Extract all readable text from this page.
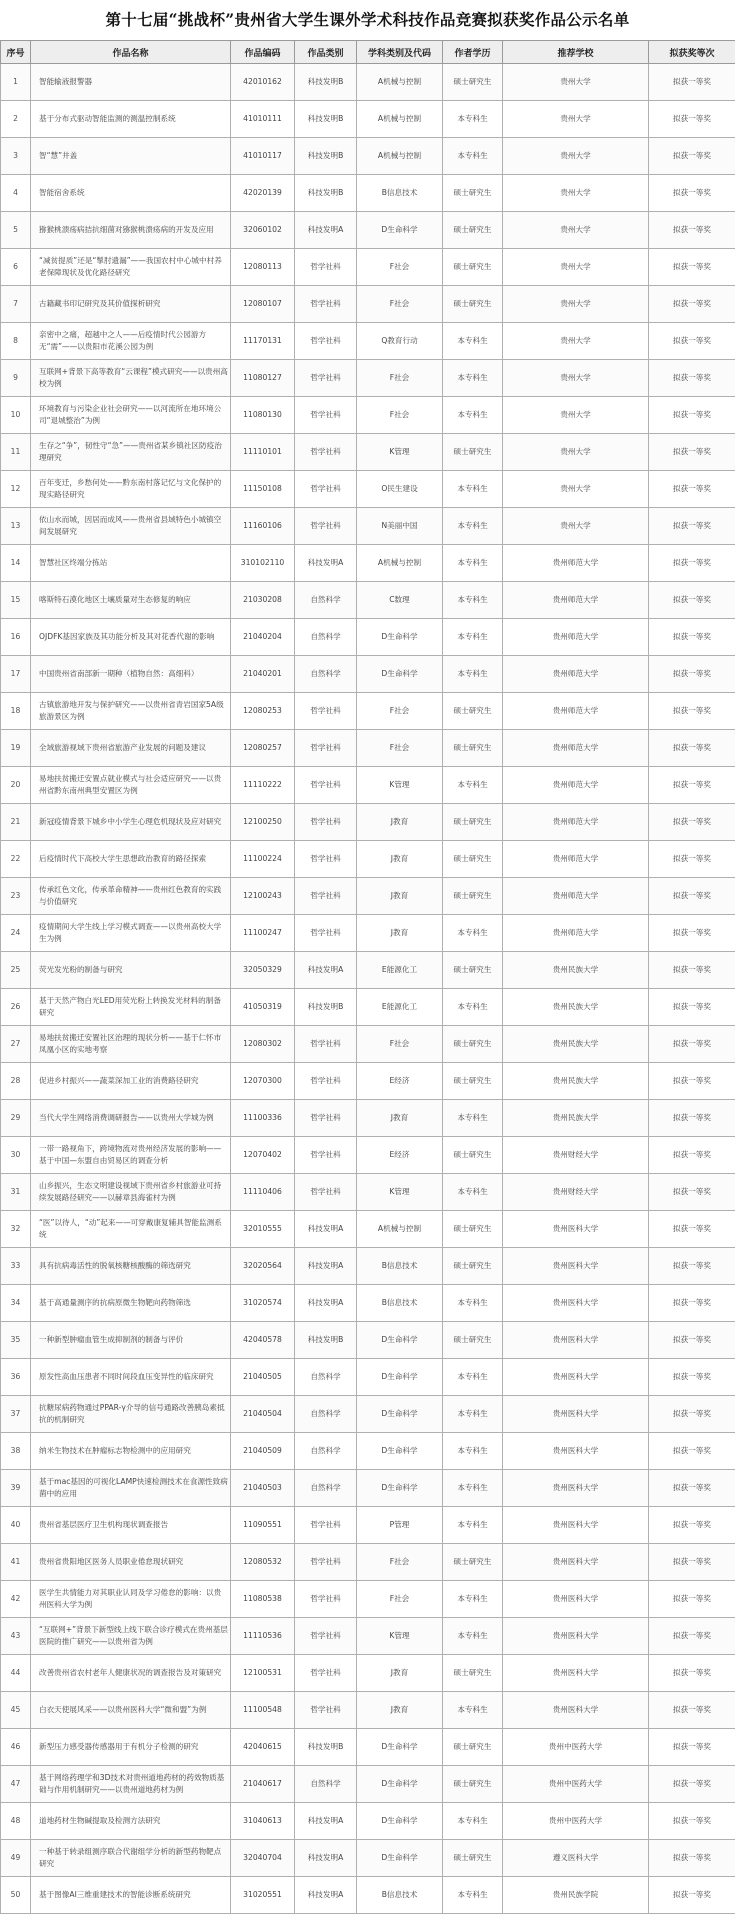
第十七届“挑战杯”贵州省大学生课外学术科技作品竞赛拟获奖作品公示名单
序号	作品名称	作品编码	作品类别	学科类别及代码	作者学历	推荐学校	拟获奖等次
1	智能输液报警器	42010162	科技发明B	A机械与控制	硕士研究生	贵州大学	拟获一等奖
2	基于分布式驱动智能监测的测温控制系统	41010111	科技发明B	A机械与控制	本专科生	贵州大学	拟获一等奖
3	智“慧”井盖	41010117	科技发明B	A机械与控制	本专科生	贵州大学	拟获一等奖
4	智能宿舍系统	42020139	科技发明B	B信息技术	硕士研究生	贵州大学	拟获一等奖
5	猕猴桃溃疡病拮抗细菌对猕猴桃溃疡病的开发及应用	32060102	科技发明A	D生命科学	硕士研究生	贵州大学	拟获一等奖
6	“减贫提质”还是“掣肘遗漏”——我国农村中心城中村养老保障现状及优化路径研究	12080113	哲学社科	F社会	硕士研究生	贵州大学	拟获一等奖
7	古籍藏书印记研究及其价值探析研究	12080107	哲学社科	F社会	硕士研究生	贵州大学	拟获一等奖
8	亲密中之痛，超越中之人——后疫情时代公园游方无“需”——以贵阳市花溪公园为例	11170131	哲学社科	Q教育行动	本专科生	贵州大学	拟获一等奖
9	互联网+背景下高等教育“云课程”模式研究——以贵州高校为例	11080127	哲学社科	F社会	本专科生	贵州大学	拟获一等奖
10	环境教育与污染企业社会研究——以河流所在地环境公司“退城整治”为例	11080130	哲学社科	F社会	本专科生	贵州大学	拟获一等奖
11	生存之“争”，韧性守“急”——贵州省某乡镇社区防疫治理研究	11110101	哲学社科	K管理	硕士研究生	贵州大学	拟获一等奖
12	百年变迁，乡愁何处——黔东南村落记忆与文化保护的现实路径研究	11150108	哲学社科	O民生建设	本专科生	贵州大学	拟获一等奖
13	依山水而城，因居而成风——贵州省县域特色小城镇空间发展研究	11160106	哲学社科	N美丽中国	本专科生	贵州大学	拟获一等奖
14	智慧社区终端分拣站	310102110	科技发明A	A机械与控制	本专科生	贵州师范大学	拟获一等奖
15	喀斯特石漠化地区土壤质量对生态修复的响应	21030208	自然科学	C数理	本专科生	贵州师范大学	拟获一等奖
16	OJDFK基因家族及其功能分析及其对花香代谢的影响	21040204	自然科学	D生命科学	本专科生	贵州师范大学	拟获一等奖
17	中国贵州省南部新一期种（植物自然：高细科）	21040201	自然科学	D生命科学	本专科生	贵州师范大学	拟获一等奖
18	古镇旅游地开发与保护研究——以贵州省青岩国家5A级旅游景区为例	12080253	哲学社科	F社会	硕士研究生	贵州师范大学	拟获一等奖
19	全域旅游视域下贵州省旅游产业发展的问题及建议	12080257	哲学社科	F社会	硕士研究生	贵州师范大学	拟获一等奖
20	易地扶贫搬迁安置点就业模式与社会适应研究——以贵州省黔东南州典型安置区为例	11110222	哲学社科	K管理	本专科生	贵州师范大学	拟获一等奖
21	新冠疫情背景下城乡中小学生心理危机现状及应对研究	12100250	哲学社科	J教育	硕士研究生	贵州师范大学	拟获一等奖
22	后疫情时代下高校大学生思想政治教育的路径探索	11100224	哲学社科	J教育	硕士研究生	贵州师范大学	拟获一等奖
23	传承红色文化，传承革命精神——贵州红色教育的实践与价值研究	12100243	哲学社科	J教育	硕士研究生	贵州师范大学	拟获一等奖
24	疫情期间大学生线上学习模式调查——以贵州高校大学生为例	11100247	哲学社科	J教育	本专科生	贵州师范大学	拟获一等奖
25	荧光发光粉的制备与研究	32050329	科技发明A	E能源化工	硕士研究生	贵州民族大学	拟获一等奖
26	基于天然产物白光LED用荧光粉上转换发光材料的制备研究	41050319	科技发明B	E能源化工	本专科生	贵州民族大学	拟获一等奖
27	易地扶贫搬迁安置社区治理的现状分析——基于仁怀市凤凰小区的实地考察	12080302	哲学社科	F社会	硕士研究生	贵州民族大学	拟获一等奖
28	促进乡村振兴——蔬菜深加工业的消费路径研究	12070300	哲学社科	E经济	硕士研究生	贵州民族大学	拟获一等奖
29	当代大学生网络消费调研报告——以贵州大学城为例	11100336	哲学社科	J教育	本专科生	贵州民族大学	拟获一等奖
30	一带一路视角下，跨境物流对贵州经济发展的影响——基于中国—东盟自由贸易区的调查分析	12070402	哲学社科	E经济	硕士研究生	贵州财经大学	拟获一等奖
31	山乡振兴，生态文明建设视域下贵州省乡村旅游业可持续发展路径研究——以赫章县海雀村为例	11110406	哲学社科	K管理	本专科生	贵州财经大学	拟获一等奖
32	“医”以待人，“动”起来——可穿戴康复辅具智能监测系统	32010555	科技发明A	A机械与控制	硕士研究生	贵州医科大学	拟获一等奖
33	具有抗病毒活性的脱氧核糖核酸酶的筛选研究	32020564	科技发明A	B信息技术	硕士研究生	贵州医科大学	拟获一等奖
34	基于高通量测序的抗病原微生物靶向药物筛选	31020574	科技发明A	B信息技术	本专科生	贵州医科大学	拟获一等奖
35	一种新型肿瘤血管生成抑制剂的制备与评价	42040578	科技发明B	D生命科学	硕士研究生	贵州医科大学	拟获一等奖
36	原发性高血压患者不同时间段血压变异性的临床研究	21040505	自然科学	D生命科学	本专科生	贵州医科大学	拟获一等奖
37	抗糖尿病药物通过PPAR-γ介导的信号通路改善胰岛素抵抗的机制研究	21040504	自然科学	D生命科学	本专科生	贵州医科大学	拟获一等奖
38	纳米生物技术在肿瘤标志物检测中的应用研究	21040509	自然科学	D生命科学	本专科生	贵州医科大学	拟获一等奖
39	基于mac基因的可视化LAMP快速检测技术在食源性致病菌中的应用	21040503	自然科学	D生命科学	本专科生	贵州医科大学	拟获一等奖
40	贵州省基层医疗卫生机构现状调查报告	11090551	哲学社科	P管理	本专科生	贵州医科大学	拟获一等奖
41	贵州省贵阳地区医务人员职业倦怠现状研究	12080532	哲学社科	F社会	硕士研究生	贵州医科大学	拟获一等奖
42	医学生共情能力对其职业认同及学习倦怠的影响：以贵州医科大学为例	11080538	哲学社科	F社会	本专科生	贵州医科大学	拟获一等奖
43	“互联网+”背景下新型线上线下联合诊疗模式在贵州基层医院的推广研究——以贵州省为例	11110536	哲学社科	K管理	本专科生	贵州医科大学	拟获一等奖
44	改善贵州省农村老年人健康状况的调查报告及对策研究	12100531	哲学社科	J教育	硕士研究生	贵州医科大学	拟获一等奖
45	白衣天使展风采——以贵州医科大学“微和盟”为例	11100548	哲学社科	J教育	本专科生	贵州医科大学	拟获一等奖
46	新型压力感受器传感器用于有机分子检测的研究	42040615	科技发明B	D生命科学	硕士研究生	贵州中医药大学	拟获一等奖
47	基于网络药理学和3D技术对贵州道地药材的药效物质基础与作用机制研究——以贵州道地药材为例	21040617	自然科学	D生命科学	硕士研究生	贵州中医药大学	拟获一等奖
48	道地药材生物碱提取及检测方法研究	31040613	科技发明A	D生命科学	本专科生	贵州中医药大学	拟获一等奖
49	一种基于转录组测序联合代谢组学分析的新型药物靶点研究	32040704	科技发明A	D生命科学	硕士研究生	遵义医科大学	拟获一等奖
50	基于图像AI三维重建技术的智能诊断系统研究	31020551	科技发明A	B信息技术	本专科生	贵州民族学院	拟获一等奖
